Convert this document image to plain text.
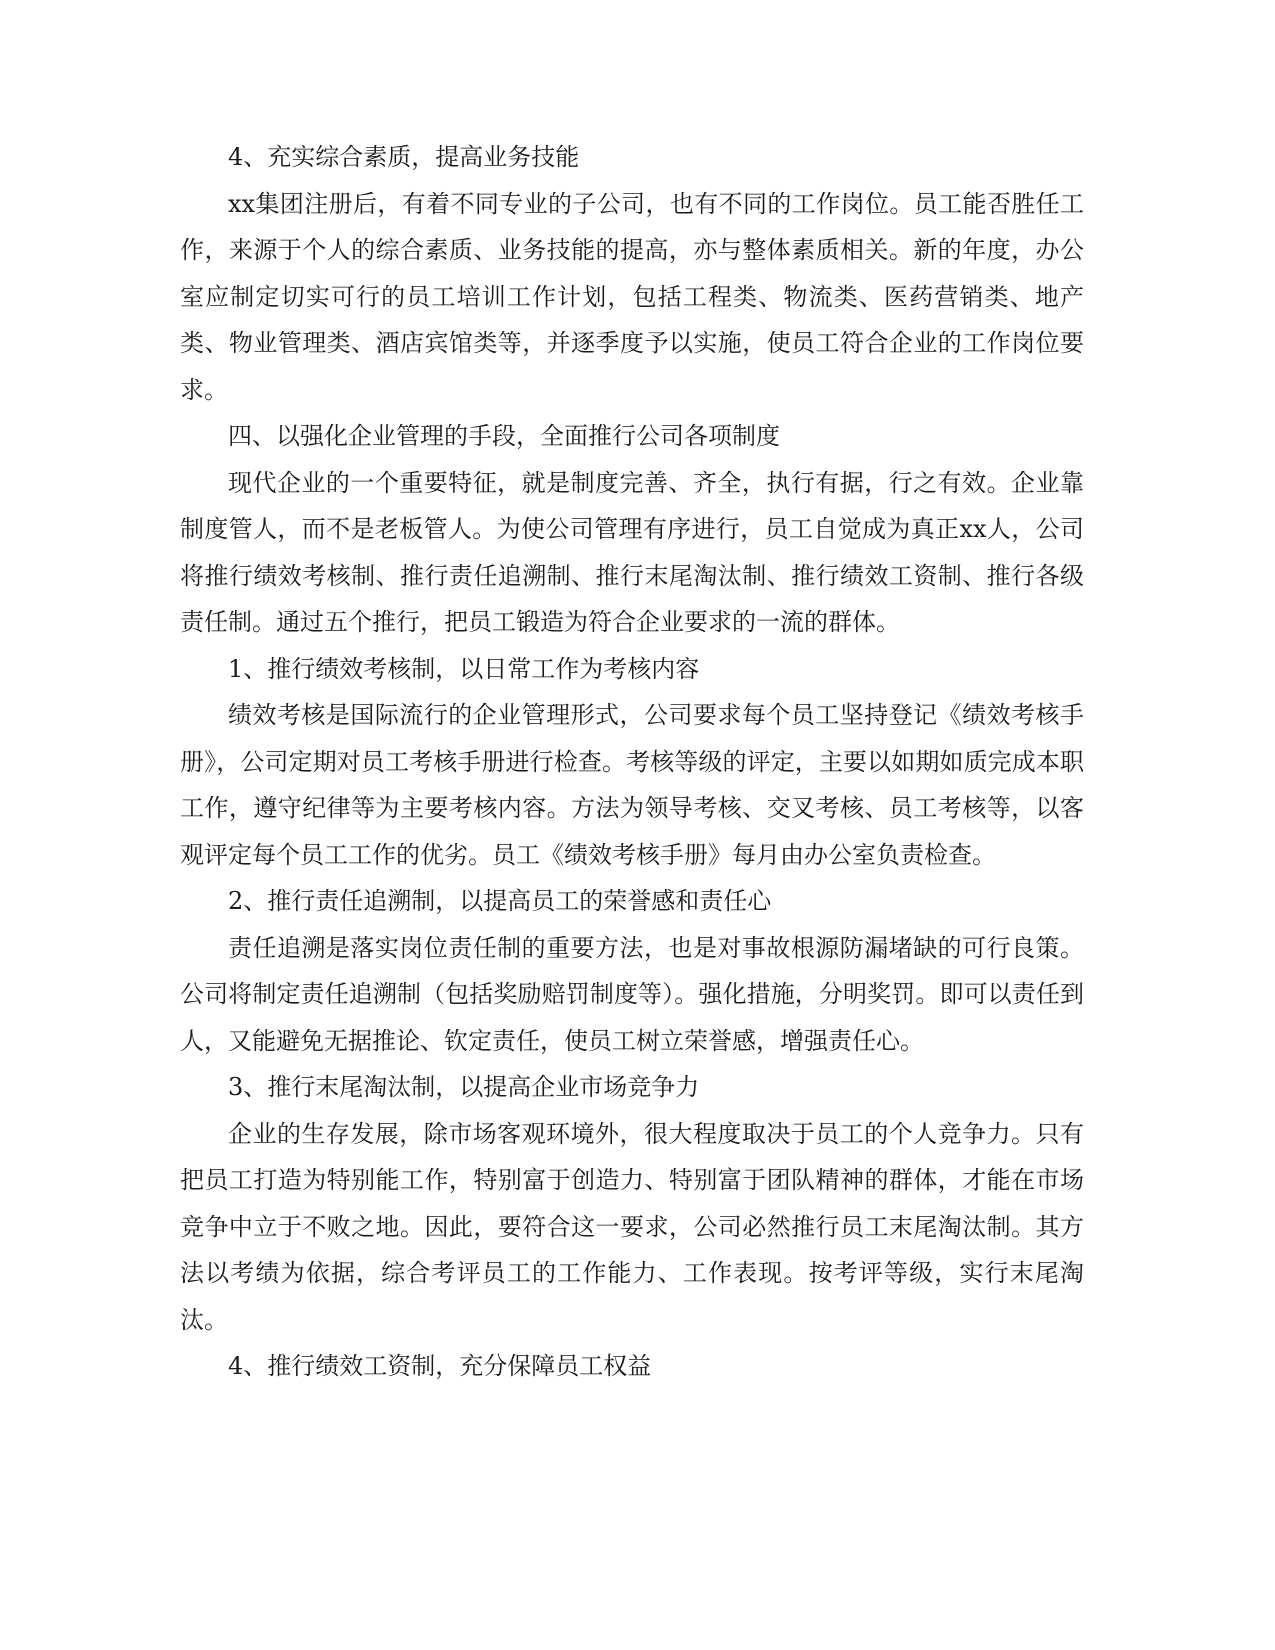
4、充实综合素质，提高业务技能

xx集团注册后，有着不同专业的子公司，也有不同的工作岗位。员工能否胜任工作，来源于个人的综合素质、业务技能的提高，亦与整体素质相关。新的年度，办公室应制定切实可行的员工培训工作计划，包括工程类、物流类、医药营销类、地产类、物业管理类、酒店宾馆类等，并逐季度予以实施，使员工符合企业的工作岗位要求。

四、以强化企业管理的手段，全面推行公司各项制度

现代企业的一个重要特征，就是制度完善、齐全，执行有据，行之有效。企业靠制度管人，而不是老板管人。为使公司管理有序进行，员工自觉成为真正xx人，公司将推行绩效考核制、推行责任追溯制、推行末尾淘汰制、推行绩效工资制、推行各级责任制。通过五个推行，把员工锻造为符合企业要求的一流的群体。

1、推行绩效考核制，以日常工作为考核内容

绩效考核是国际流行的企业管理形式，公司要求每个员工坚持登记《绩效考核手册》，公司定期对员工考核手册进行检查。考核等级的评定，主要以如期如质完成本职工作，遵守纪律等为主要考核内容。方法为领导考核、交叉考核、员工考核等，以客观评定每个员工工作的优劣。员工《绩效考核手册》每月由办公室负责检查。

2、推行责任追溯制，以提高员工的荣誉感和责任心

责任追溯是落实岗位责任制的重要方法，也是对事故根源防漏堵缺的可行良策。公司将制定责任追溯制（包括奖励赔罚制度等）。强化措施，分明奖罚。即可以责任到人，又能避免无据推论、钦定责任，使员工树立荣誉感，增强责任心。

3、推行末尾淘汰制，以提高企业市场竞争力

企业的生存发展，除市场客观环境外，很大程度取决于员工的个人竞争力。只有把员工打造为特别能工作，特别富于创造力、特别富于团队精神的群体，才能在市场竞争中立于不败之地。因此，要符合这一要求，公司必然推行员工末尾淘汰制。其方法以考绩为依据，综合考评员工的工作能力、工作表现。按考评等级，实行末尾淘汰。

4、推行绩效工资制，充分保障员工权益
